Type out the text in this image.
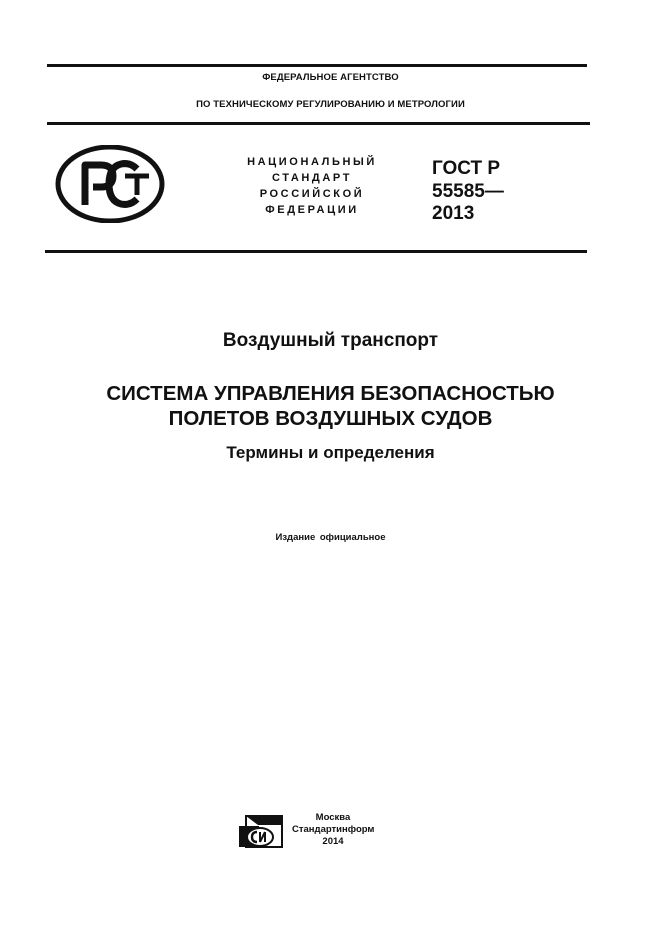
ФЕДЕРАЛЬНОЕ АГЕНТСТВО
ПО ТЕХНИЧЕСКОМУ РЕГУЛИРОВАНИЮ И МЕТРОЛОГИИ
НАЦИОНАЛЬНЫЙ
СТАНДАРТ
РОССИЙСКОЙ
ФЕДЕРАЦИИ
ГОСТ Р
55585—
2013
Воздушный транспорт
СИСТЕМА УПРАВЛЕНИЯ БЕЗОПАСНОСТЬЮ
ПОЛЕТОВ ВОЗДУШНЫХ СУДОВ
Термины и определения
Издание официальное
Москва
Стандартинформ
2014
